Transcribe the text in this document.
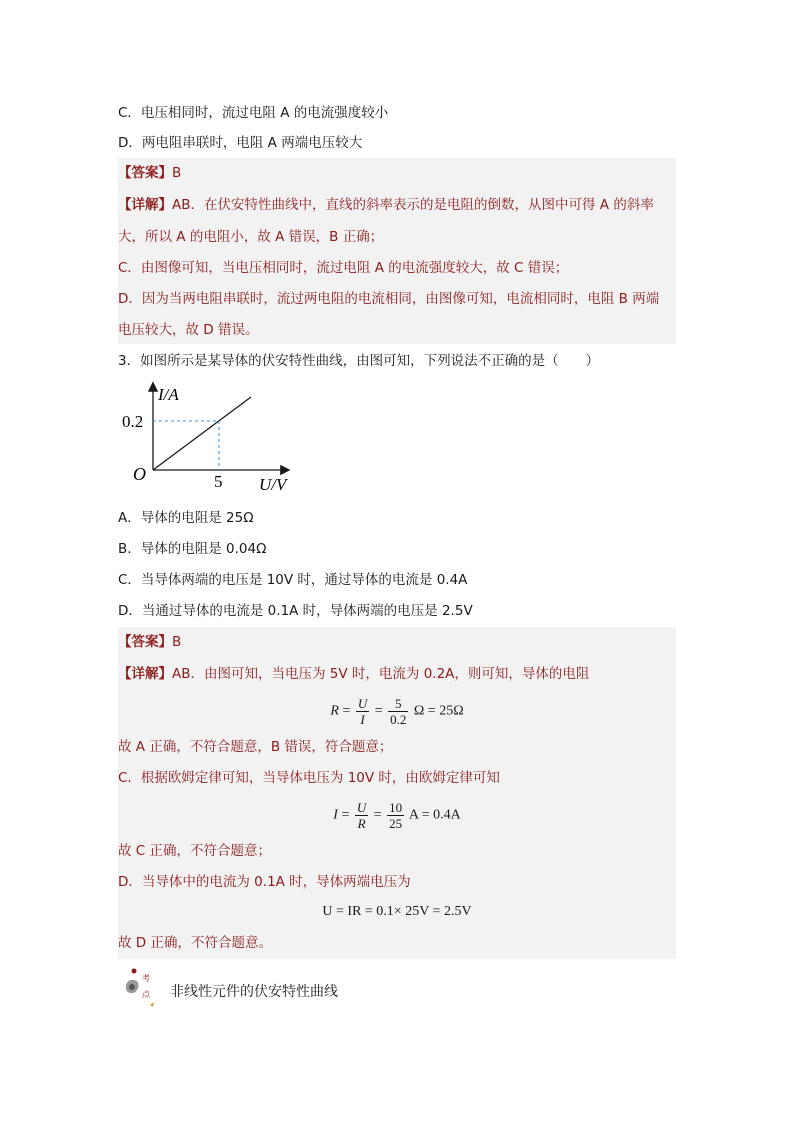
C．电压相同时，流过电阻 A 的电流强度较小
D．两电阻串联时，电阻 A 两端电压较大
【答案】B
【详解】AB．在伏安特性曲线中，直线的斜率表示的是电阻的倒数，从图中可得 A 的斜率
大，所以 A 的电阻小，故 A 错误，B 正确；
C．由图像可知，当电压相同时，流过电阻 A 的电流强度较大，故 C 错误；
D．因为当两电阻串联时，流过两电阻的电流相同，由图像可知，电流相同时，电阻 B 两端
电压较大，故 D 错误。
3．如图所示是某导体的伏安特性曲线，由图可知，下列说法不正确的是（　　）
I/A
0.2
O	5 U/V
A．导体的电阻是 25Ω
B．导体的电阻是 0.04Ω
C．当导体两端的电压是 10V 时，通过导体的电流是 0.4A
D．当通过导体的电流是 0.1A 时，导体两端的电压是 2.5V
【答案】B
【详解】AB．由图可知，当电压为 5V 时，电流为 0.2A，则可知，导体的电阻
$R = \frac{U}{I} = \frac{5}{0.2}$ Ω = 25Ω
故 A 正确，不符合题意，B 错误，符合题意；
C．根据欧姆定律可知，当导体电压为 10V 时，由欧姆定律可知
$I = \frac{U}{R} = \frac{10}{25}$ A = 0.4A
故 C 正确，不符合题意；
D．当导体中的电流为 0.1A 时，导体两端电压为
U = IR = 0.1× 25V = 2.5V
故 D 正确，不符合题意。
考
点 非线性元件的伏安特性曲线
